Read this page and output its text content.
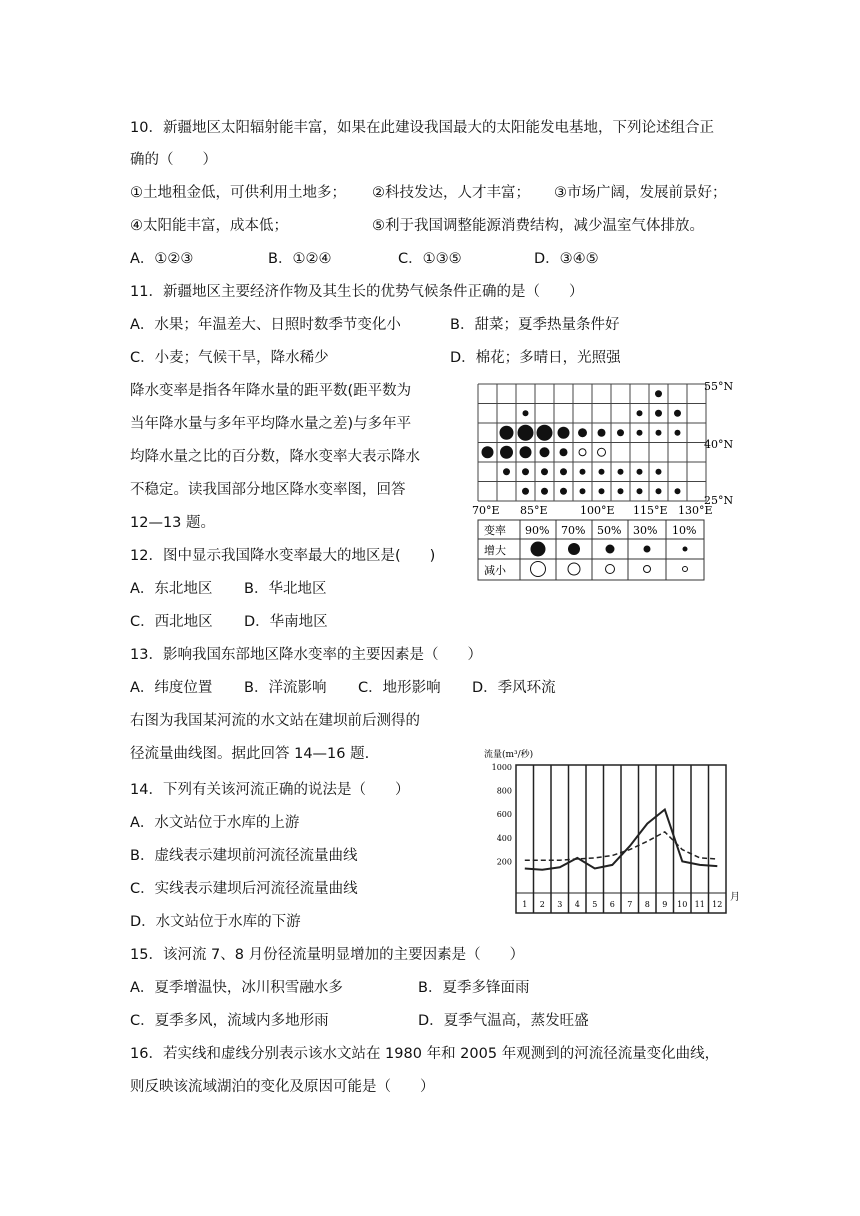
10．新疆地区太阳辐射能丰富，如果在此建设我国最大的太阳能发电基地，下列论述组合正
确的（　　）
①土地租金低，可供利用土地多； ②科技发达，人才丰富； ③市场广阔，发展前景好；
④太阳能丰富，成本低；	⑤利于我国调整能源消费结构，减少温室气体排放。
A．①②③	B．①②④	C．①③⑤	D．③④⑤
11．新疆地区主要经济作物及其生长的优势气候条件正确的是（　　）
A．水果；年温差大、日照时数季节变化小	B．甜菜；夏季热量条件好
C．小麦；气候干旱，降水稀少	D．棉花；多晴日，光照强
降水变率是指各年降水量的距平数(距平数为
当年降水量与多年平均降水量之差)与多年平
均降水量之比的百分数，降水变率大表示降水
不稳定。读我国部分地区降水变率图，回答
12—13 题。
55°N
40°N
25°N
70°E 85°E	100°E 115°E 130°E
变率 90% 70% 50% 30% 10%
增大
减小
12．图中显示我国降水变率最大的地区是(　　)
A．东北地区 B．华北地区
C．西北地区 D．华南地区
13．影响我国东部地区降水变率的主要因素是（　　）
A．纬度位置 B．洋流影响 C．地形影响 D．季风环流
右图为我国某河流的水文站在建坝前后测得的
径流量曲线图。据此回答 14—16 题.	流量(m³/秒)
月
1000
800
600
400
200
1 2 3 4 5 6 7 8 9 10 11 12
14．下列有关该河流正确的说法是（　　）
A．水文站位于水库的上游
B．虚线表示建坝前河流径流量曲线
C．实线表示建坝后河流径流量曲线
D．水文站位于水库的下游
15．该河流 7、8 月份径流量明显增加的主要因素是（　　）
A．夏季增温快，冰川积雪融水多	B．夏季多锋面雨
C．夏季多风，流域内多地形雨	D．夏季气温高，蒸发旺盛
16．若实线和虚线分别表示该水文站在 1980 年和 2005 年观测到的河流径流量变化曲线，
则反映该流域湖泊的变化及原因可能是（　　）
